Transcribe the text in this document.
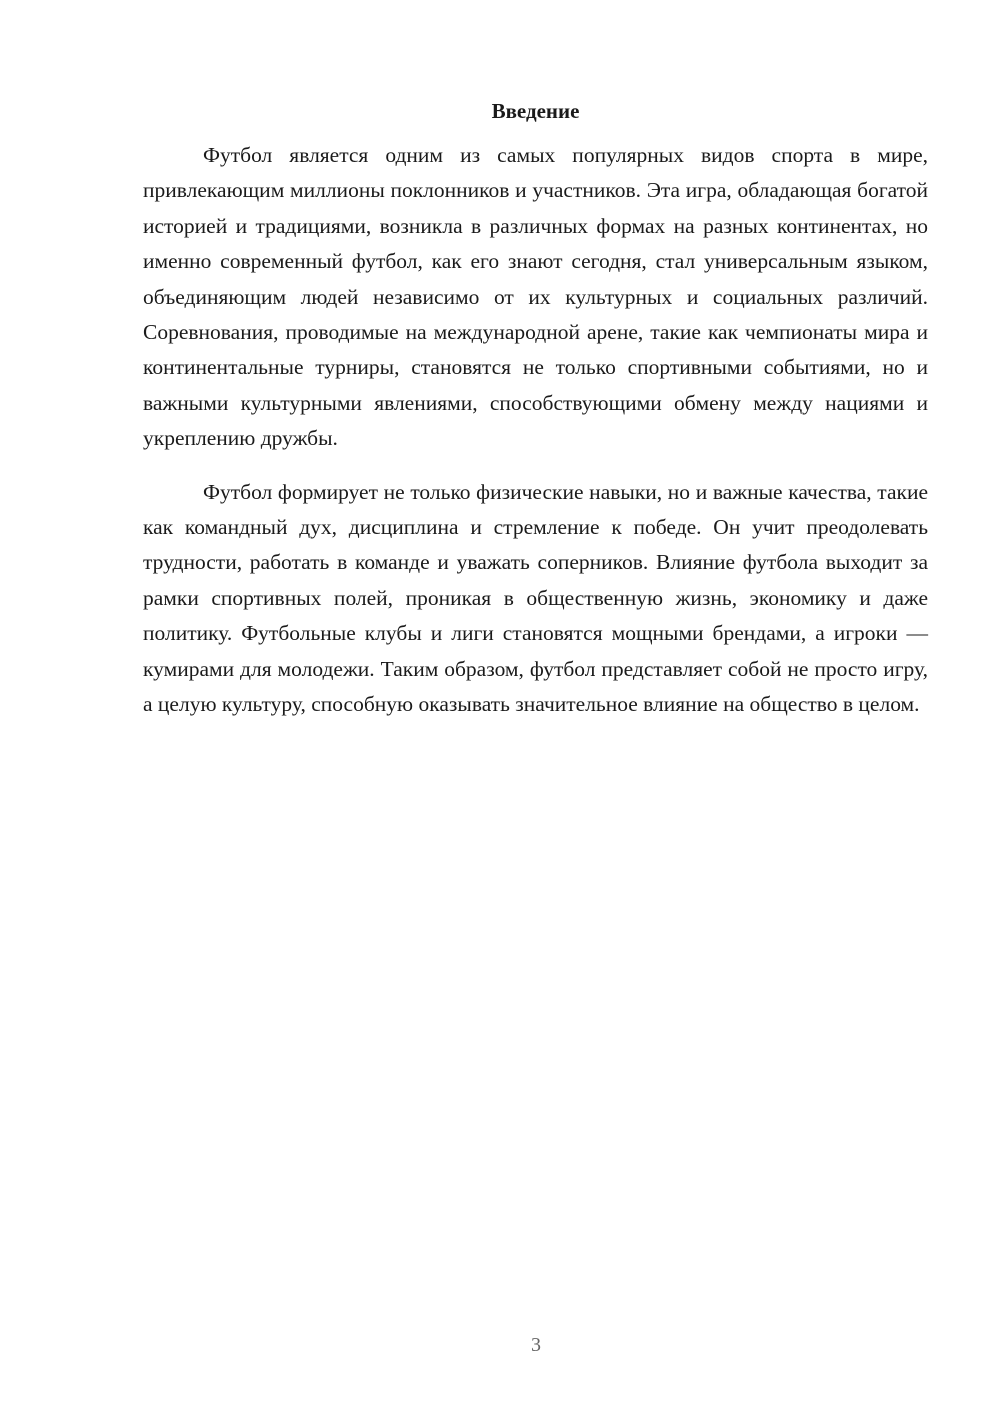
Введение

Футбол является одним из самых популярных видов спорта в мире, привлекающим миллионы поклонников и участников. Эта игра, обладающая богатой историей и традициями, возникла в различных формах на разных континентах, но именно современный футбол, как его знают сегодня, стал универсальным языком, объединяющим людей независимо от их культурных и социальных различий. Соревнования, проводимые на международной арене, такие как чемпионаты мира и континентальные турниры, становятся не только спортивными событиями, но и важными культурными явлениями, способствующими обмену между нациями и укреплению дружбы.

Футбол формирует не только физические навыки, но и важные качества, такие как командный дух, дисциплина и стремление к победе. Он учит преодолевать трудности, работать в команде и уважать соперников. Влияние футбола выходит за рамки спортивных полей, проникая в общественную жизнь, экономику и даже политику. Футбольные клубы и лиги становятся мощными брендами, а игроки — кумирами для молодежи. Таким образом, футбол представляет собой не просто игру, а целую культуру, способную оказывать значительное влияние на общество в целом.

3
